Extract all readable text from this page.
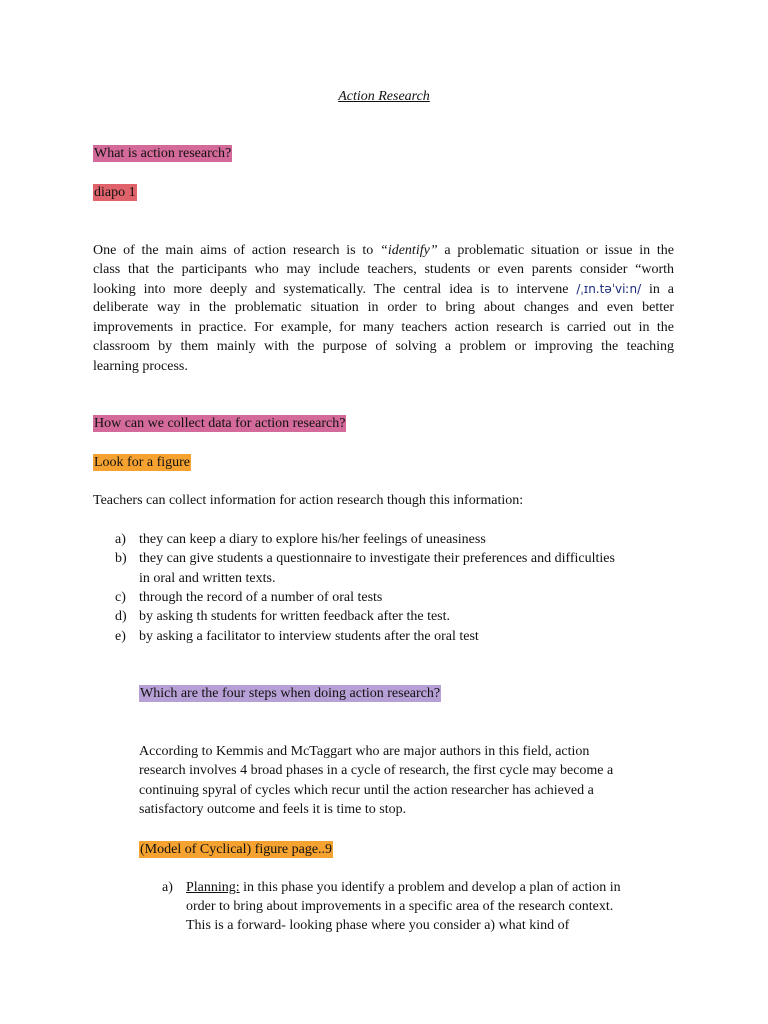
Action Research
What is action research?
diapo 1
One of the main aims of action research is to “identify” a problematic situation or issue in the
class that the participants who may include teachers, students or even parents consider “worth
looking into more deeply and systematically. The central idea is to intervene /ˌɪn.təˈviːn/ in a
deliberate way in the problematic situation in order to bring about changes and even better
improvements in practice. For example, for many teachers action research is carried out in the
classroom by them mainly with the purpose of solving a problem or improving the teaching
learning process.
How can we collect data for action research?
Look for a figure
Teachers can collect information for action research though this information:
a) they can keep a diary to explore his/her feelings of uneasiness
b) they can give students a questionnaire to investigate their preferences and difficulties
in oral and written texts.
c) through the record of a number of oral tests
d) by asking th students for written feedback after the test.
e) by asking a facilitator to interview students after the oral test
Which are the four steps when doing action research?
According to Kemmis and McTaggart who are major authors in this field, action
research involves 4 broad phases in a cycle of research, the first cycle may become a
continuing spyral of cycles which recur until the action researcher has achieved a
satisfactory outcome and feels it is time to stop.
(Model of Cyclical) figure page..9
a) Planning: in this phase you identify a problem and develop a plan of action in
order to bring about improvements in a specific area of the research context.
This is a forward- looking phase where you consider a) what kind of
